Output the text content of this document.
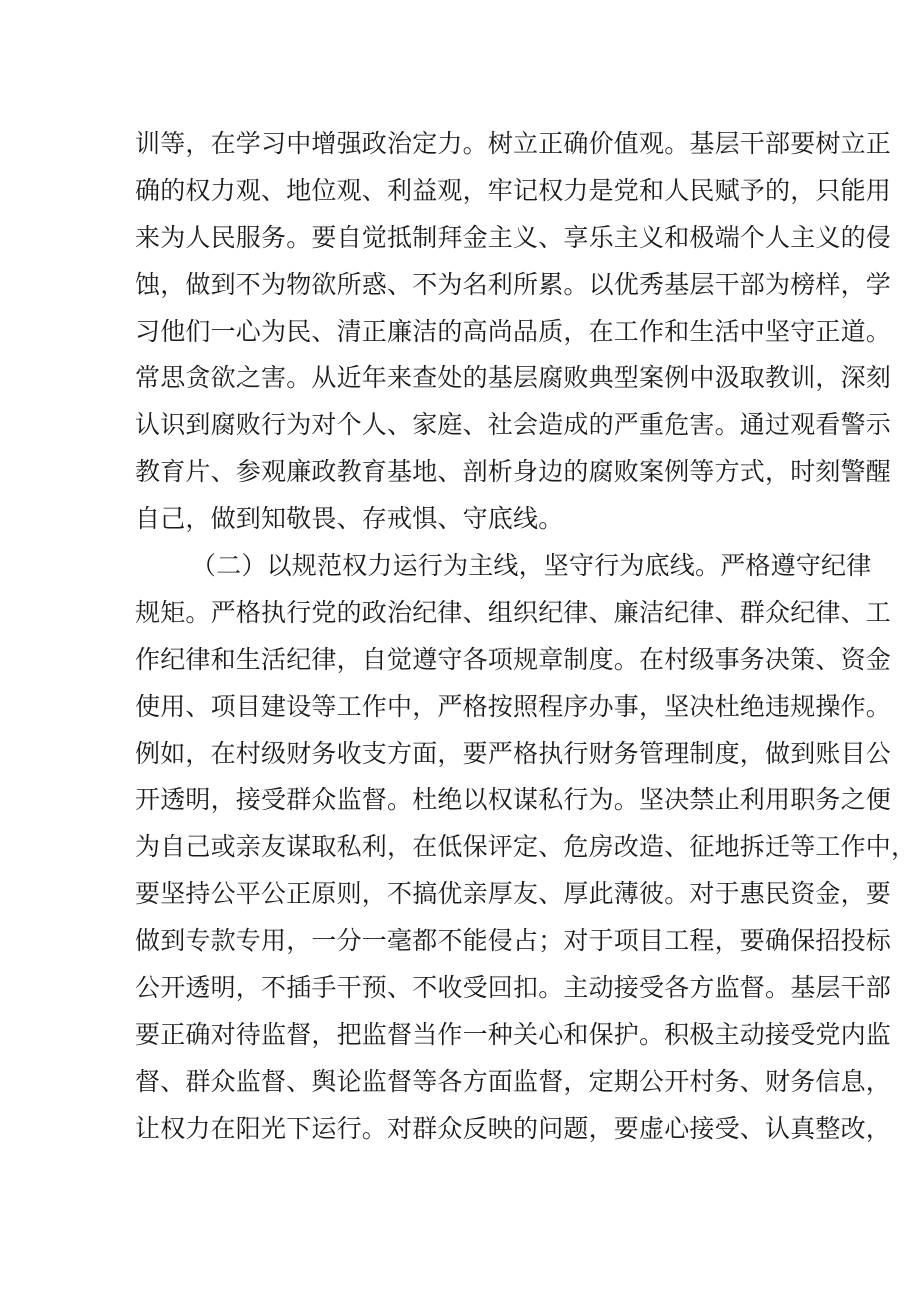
训等，在学习中增强政治定力。树立正确价值观。基层干部要树立正
确的权力观、地位观、利益观，牢记权力是党和人民赋予的，只能用
来为人民服务。要自觉抵制拜金主义、享乐主义和极端个人主义的侵
蚀，做到不为物欲所惑、不为名利所累。以优秀基层干部为榜样，学
习他们一心为民、清正廉洁的高尚品质，在工作和生活中坚守正道。
常思贪欲之害。从近年来查处的基层腐败典型案例中汲取教训，深刻
认识到腐败行为对个人、家庭、社会造成的严重危害。通过观看警示
教育片、参观廉政教育基地、剖析身边的腐败案例等方式，时刻警醒
自己，做到知敬畏、存戒惧、守底线。
（二）以规范权力运行为主线，坚守行为底线。严格遵守纪律
规矩。严格执行党的政治纪律、组织纪律、廉洁纪律、群众纪律、工
作纪律和生活纪律，自觉遵守各项规章制度。在村级事务决策、资金
使用、项目建设等工作中，严格按照程序办事，坚决杜绝违规操作。
例如，在村级财务收支方面，要严格执行财务管理制度，做到账目公
开透明，接受群众监督。杜绝以权谋私行为。坚决禁止利用职务之便
为自己或亲友谋取私利，在低保评定、危房改造、征地拆迁等工作中，
要坚持公平公正原则，不搞优亲厚友、厚此薄彼。对于惠民资金，要
做到专款专用，一分一毫都不能侵占；对于项目工程，要确保招投标
公开透明，不插手干预、不收受回扣。主动接受各方监督。基层干部
要正确对待监督，把监督当作一种关心和保护。积极主动接受党内监
督、群众监督、舆论监督等各方面监督，定期公开村务、财务信息，
让权力在阳光下运行。对群众反映的问题，要虚心接受、认真整改，
